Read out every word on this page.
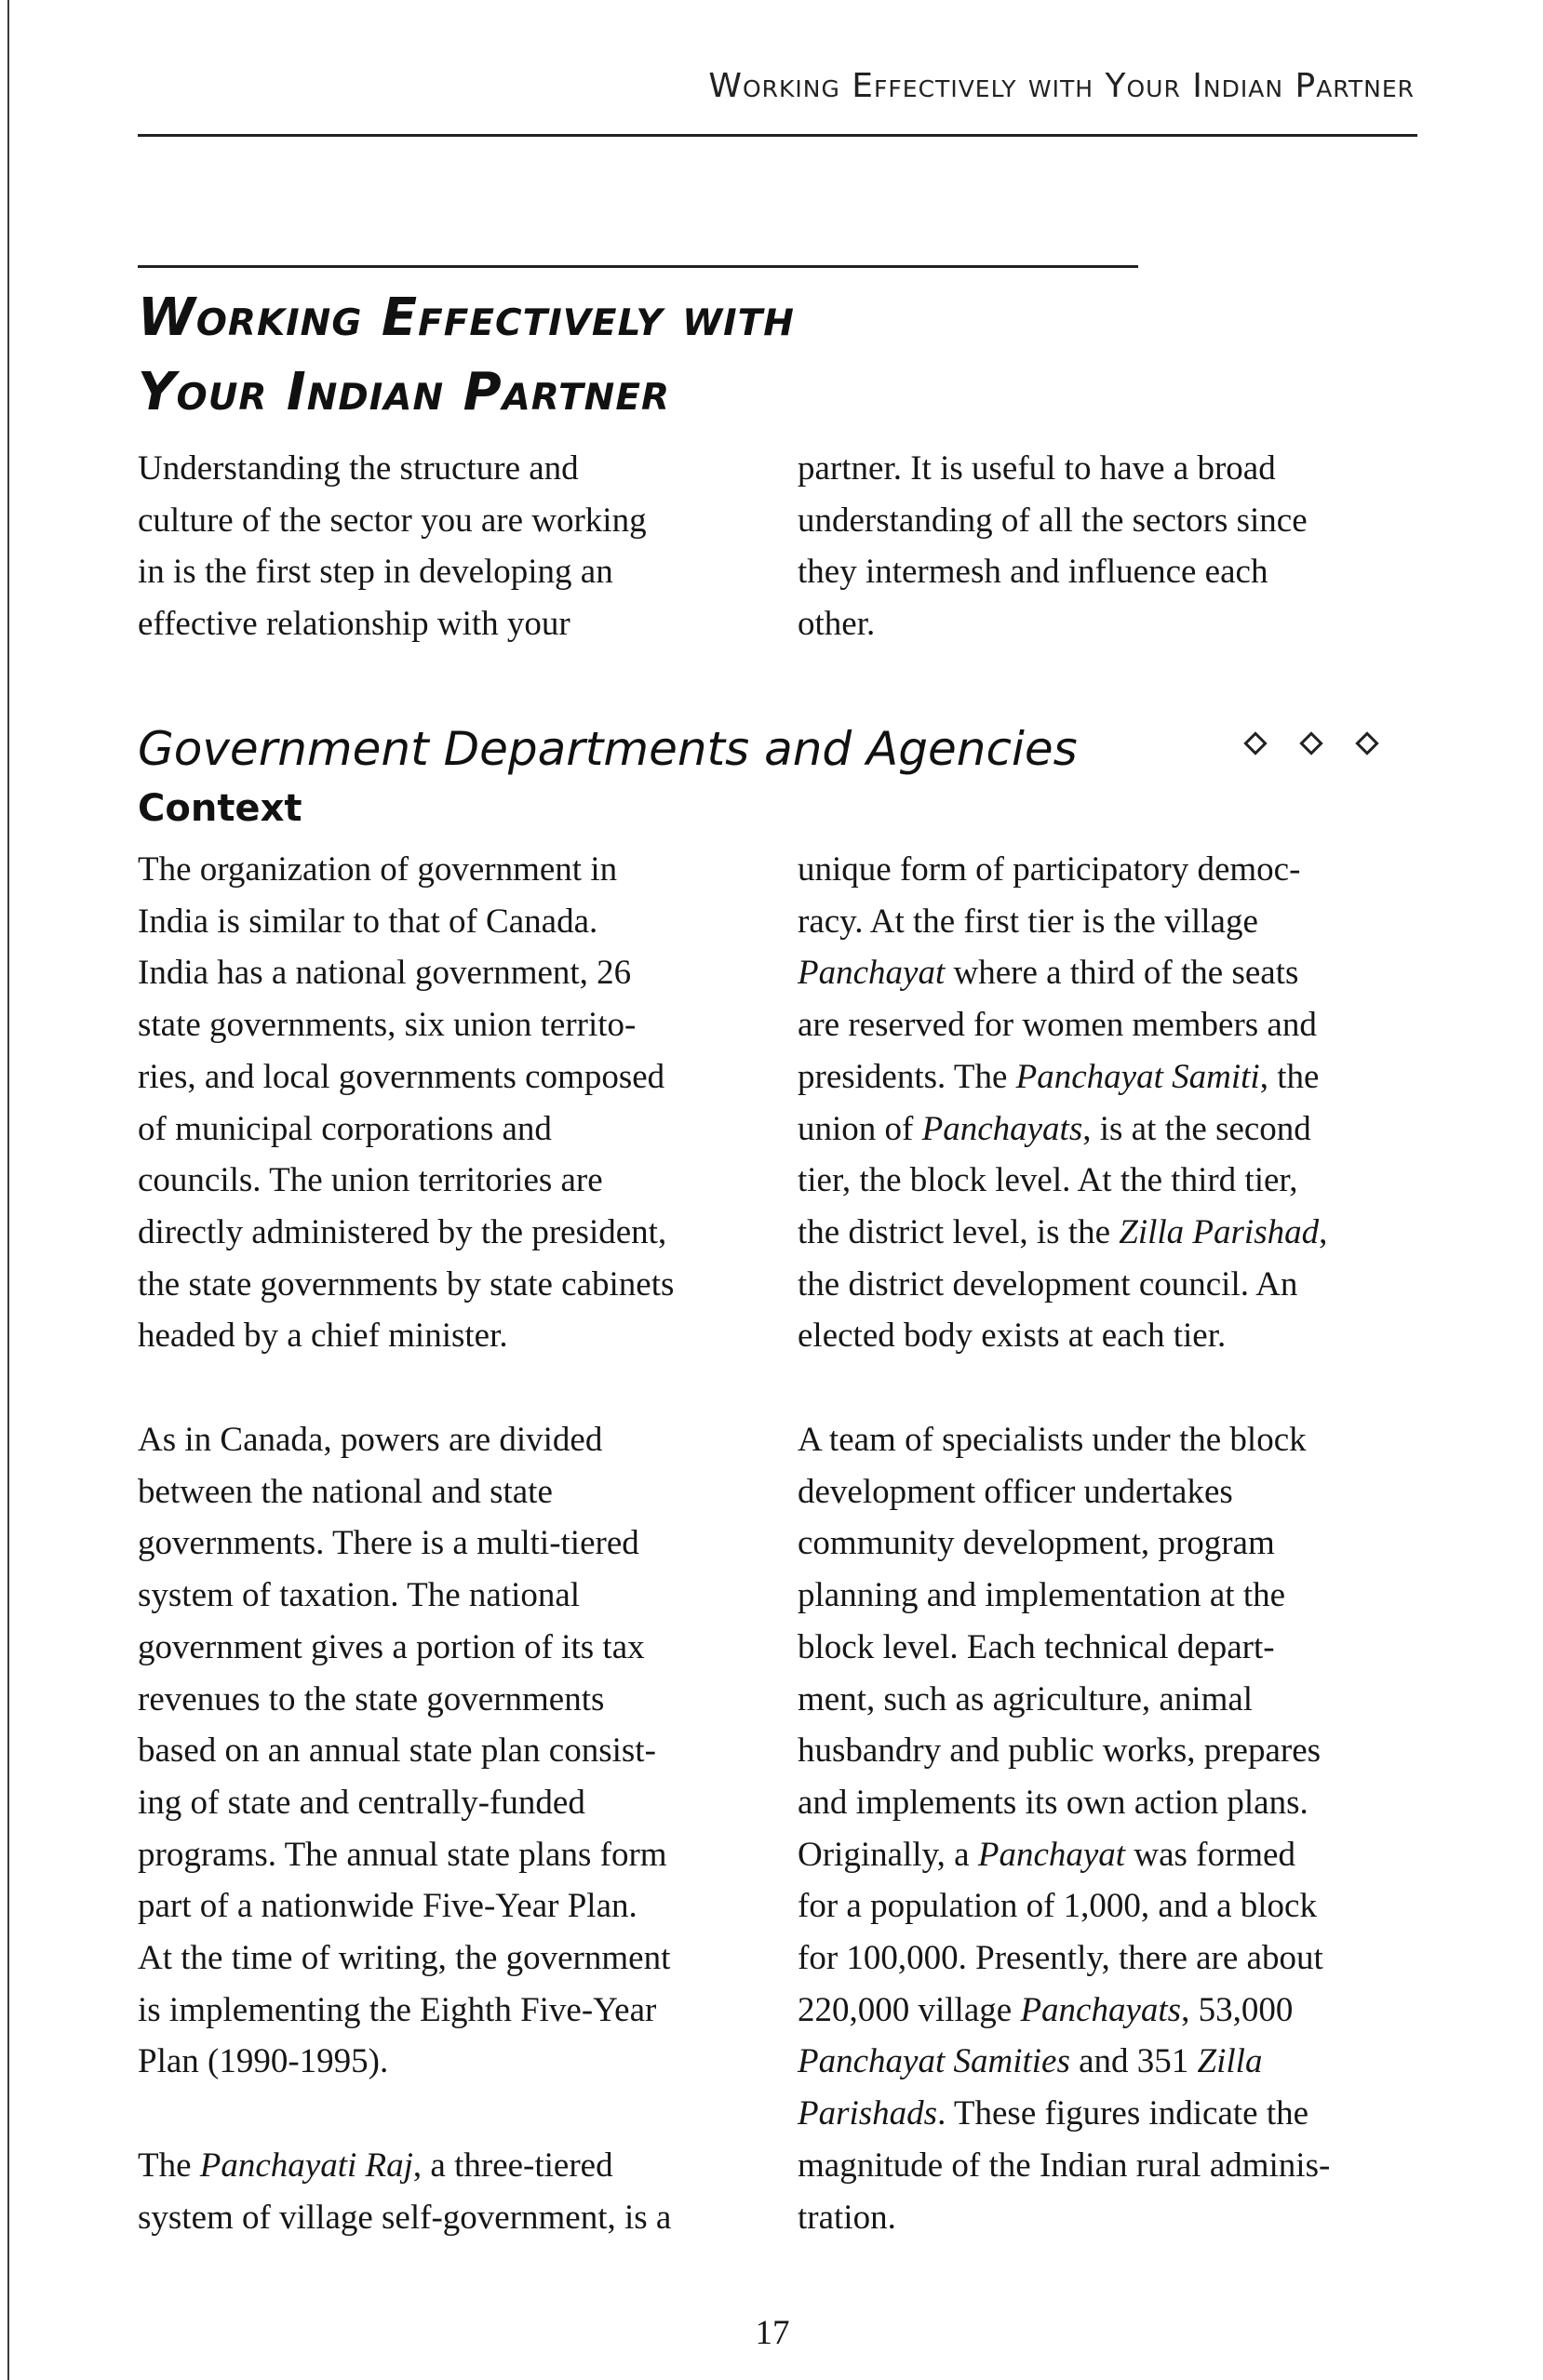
Working Effectively with Your Indian Partner
Working Effectively with
Your Indian Partner

Understanding the structure and
culture of the sector you are working
in is the first step in developing an
effective relationship with your

partner. It is useful to have a broad
understanding of all the sectors since
they intermesh and influence each
other.

Government Departments and Agencies
Context

The organization of government in
India is similar to that of Canada.
India has a national government, 26
state governments, six union territo-
ries, and local governments composed
of municipal corporations and
councils. The union territories are
directly administered by the president,
the state governments by state cabinets
headed by a chief minister.

As in Canada, powers are divided
between the national and state
governments. There is a multi-tiered
system of taxation. The national
government gives a portion of its tax
revenues to the state governments
based on an annual state plan consist-
ing of state and centrally-funded
programs. The annual state plans form
part of a nationwide Five-Year Plan.
At the time of writing, the government
is implementing the Eighth Five-Year
Plan (1990-1995).

The Panchayati Raj, a three-tiered
system of village self-government, is a

unique form of participatory democ-
racy. At the first tier is the village
Panchayat where a third of the seats
are reserved for women members and
presidents. The Panchayat Samiti, the
union of Panchayats, is at the second
tier, the block level. At the third tier,
the district level, is the Zilla Parishad,
the district development council. An
elected body exists at each tier.

A team of specialists under the block
development officer undertakes
community development, program
planning and implementation at the
block level. Each technical depart-
ment, such as agriculture, animal
husbandry and public works, prepares
and implements its own action plans.
Originally, a Panchayat was formed
for a population of 1,000, and a block
for 100,000. Presently, there are about
220,000 village Panchayats, 53,000
Panchayat Samities and 351 Zilla
Parishads. These figures indicate the
magnitude of the Indian rural adminis-
tration.

17
